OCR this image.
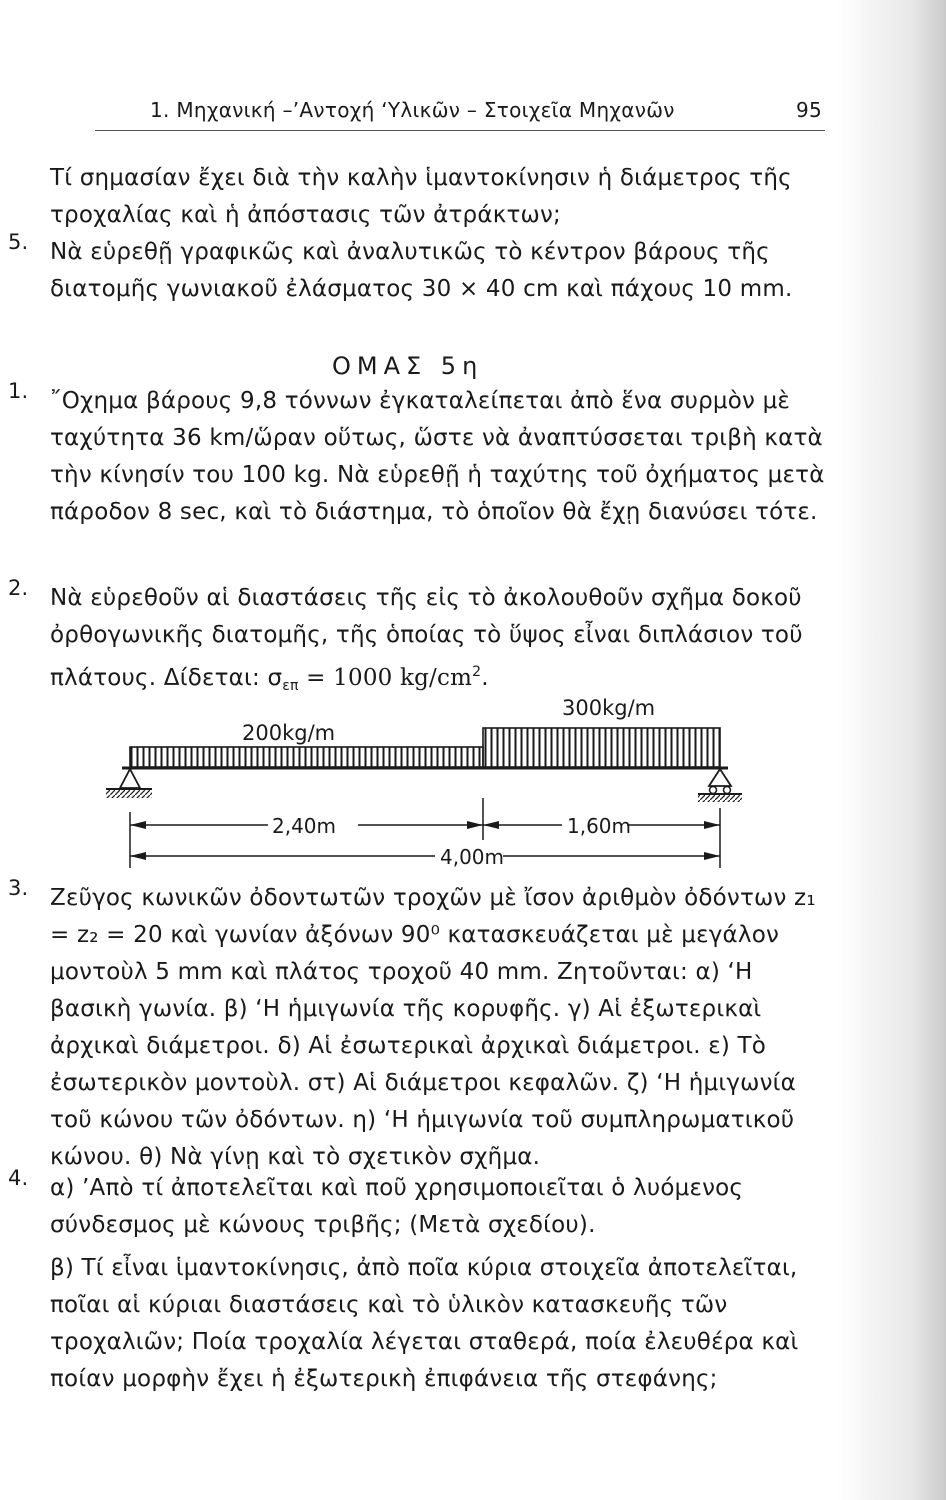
1. Μηχανική –’Αντοχή ‘Υλικῶν – Στοιχεῖα Μηχανῶν	95

Τί σημασίαν ἔχει διὰ τὴν καλὴν ἱμαντοκίνησιν ἡ διάμετρος τῆς τροχαλίας καὶ ἡ ἀπόστασις τῶν ἀτράκτων;

5. Νὰ εὑρεθῇ γραφικῶς καὶ ἀναλυτικῶς τὸ κέντρον βάρους τῆς διατομῆς γωνιακοῦ ἐλάσματος 30 × 40 cm καὶ πάχους 10 mm.

ΟΜΑΣ 5η
1. ῎Οχημα βάρους 9,8 τόννων ἐγκαταλείπεται ἀπὸ ἕνα συρμὸν μὲ ταχύτητα 36 km/ὥραν οὕτως, ὥστε νὰ ἀναπτύσσεται τριβὴ κατὰ τὴν κίνησίν του 100 kg. Νὰ εὑρεθῇ ἡ ταχύτης τοῦ ὀχήματος μετὰ πάροδον 8 sec, καὶ τὸ διάστημα, τὸ ὁποῖον θὰ ἔχῃ διανύσει τότε.

2. Νὰ εὑρεθοῦν αἱ διαστάσεις τῆς εἰς τὸ ἀκολουθοῦν σχῆμα δοκοῦ ὀρθογωνικῆς διατομῆς, τῆς ὁποίας τὸ ὕψος εἶναι διπλάσιον τοῦ πλάτους. Δίδεται: $\sigma_{\varepsilon\pi} = 1000$ $kg/cm^2$.

200kg/m
300kg/m
2,40m	1,60m
4,00m
3. Ζεῦγος κωνικῶν ὀδοντωτῶν τροχῶν μὲ ἴσον ἀριθμὸν ὀδόντων z₁ = z₂ = 20 καὶ γωνίαν ἀξόνων 90⁰ κατασκευάζεται μὲ μεγάλον μοντοὺλ 5 mm καὶ πλάτος τροχοῦ 40 mm. Ζητοῦνται: α) ‘Η βασικὴ γωνία. β) ‘Η ἡμιγωνία τῆς κορυφῆς. γ) Αἱ ἐξωτερικαὶ ἀρχικαὶ διάμετροι. δ) Αἱ ἐσωτερικαὶ ἀρχικαὶ διάμετροι. ε) Τὸ ἐσωτερικὸν μοντοὺλ. στ) Αἱ διάμετροι κεφαλῶν. ζ) ‘Η ἡμιγωνία τοῦ κώνου τῶν ὀδόντων. η) ‘Η ἡμιγωνία τοῦ συμπληρωματικοῦ κώνου. θ) Νὰ γίνῃ καὶ τὸ σχετικὸν σχῆμα.

4. α) ’Απὸ τί ἀποτελεῖται καὶ ποῦ χρησιμοποιεῖται ὁ λυόμενος σύνδεσμος μὲ κώνους τριβῆς; (Μετὰ σχεδίου).

β) Τί εἶναι ἱμαντοκίνησις, ἀπὸ ποῖα κύρια στοιχεῖα ἀποτελεῖται, ποῖαι αἱ κύριαι διαστάσεις καὶ τὸ ὑλικὸν κατασκευῆς τῶν τροχαλιῶν; Ποία τροχαλία λέγεται σταθερά, ποία ἐλευθέρα καὶ ποίαν μορφὴν ἔχει ἡ ἐξωτερικὴ ἐπιφάνεια τῆς στεφάνης;
